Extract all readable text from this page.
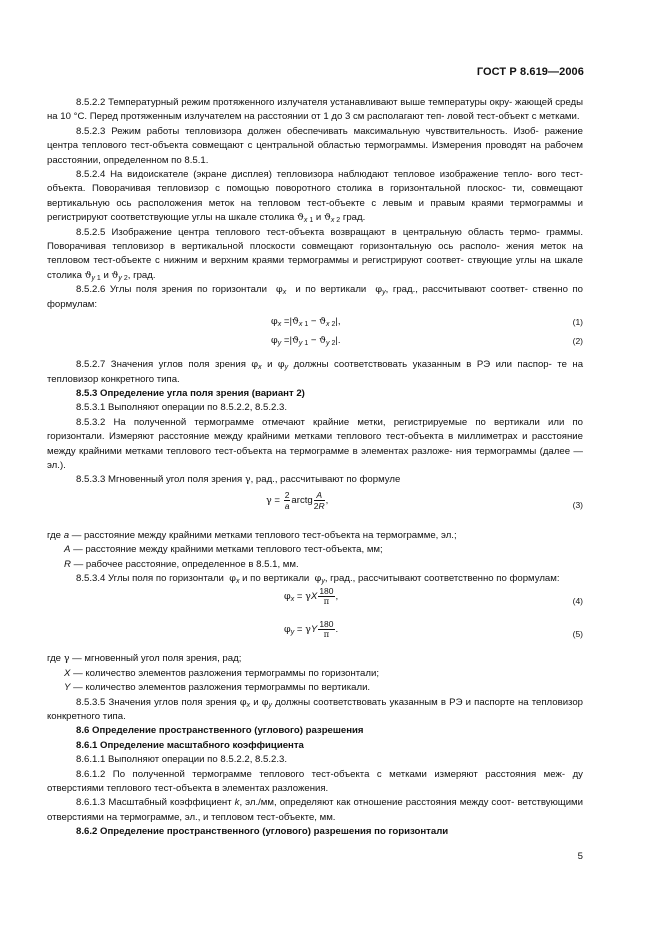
ГОСТ Р 8.619—2006

8.5.2.2 Температурный режим протяженного излучателя устанавливают выше температуры окру- жающей среды на 10 °С. Перед протяженным излучателем на расстоянии от 1 до 3 см располагают теп- ловой тест-объект с метками.

8.5.2.3 Режим работы тепловизора должен обеспечивать максимальную чувствительность. Изоб- ражение центра теплового тест-объекта совмещают с центральной областью термограммы. Измерения проводят на рабочем расстоянии, определенном по 8.5.1.

8.5.2.4 На видоискателе (экране дисплея) тепловизора наблюдают тепловое изображение тепло- вого тест-объекта. Поворачивая тепловизор с помощью поворотного столика в горизонтальной плоскос- ти, совмещают вертикальную ось расположения меток на тепловом тест-объекте с левым и правым краями термограммы и регистрируют соответствующие углы на шкале столика $ϑ_{x 1}$ и $ϑ_{x 2}$ град.

8.5.2.5 Изображение центра теплового тест-объекта возвращают в центральную область термо- граммы. Поворачивая тепловизор в вертикальной плоскости совмещают горизонтальную ось располо- жения меток на тепловом тест-объекте с нижним и верхним краями термограммы и регистрируют соответ- ствующие углы на шкале столика $ϑ_{y 1}$ и $ϑ_{y 2}$, град.

8.5.2.6 Углы поля зрения по горизонтали $\varphi_x$ и по вертикали $\varphi_y$, град., рассчитывают соответ- ственно по формулам:

$\varphi_x =|ϑ_{x 1} - ϑ_{x 2}|$,	(1)
$\varphi_y =|ϑ_{y 1} - ϑ_{y 2}|$.	(2)

8.5.2.7 Значения углов поля зрения $\varphi_x$ и $\varphi_y$ должны соответствовать указанным в РЭ или паспор- те на тепловизор конкретного типа.

8.5.3 Определение угла поля зрения (вариант 2)

8.5.3.1 Выполняют операции по 8.5.2.2, 8.5.2.3.

8.5.3.2 На полученной термограмме отмечают крайние метки, регистрируемые по вертикали или по горизонтали. Измеряют расстояние между крайними метками теплового тест-объекта в миллиметрах и расстояние между крайними метками теплового тест-объекта на термограмме в элементах разложе- ния термограммы (далее — эл.).

8.5.3.3 Мгновенный угол поля зрения γ, рад., рассчитывают по формуле

$\gamma = \frac{2}{a}$ arctg $\frac{A}{2R}$ ,	(3)

где a — расстояние между крайними метками теплового тест-объекта на термограмме, эл.;

A — расстояние между крайними метками теплового тест-объекта, мм;

R — рабочее расстояние, определенное в 8.5.1, мм.

8.5.3.4 Углы поля по горизонтали $\varphi_x$ и по вертикали $\varphi_y$, град., рассчитывают соответственно по формулам:

$\varphi_x = \gamma X \frac{180}{\pi}$ ,	(4)
$\varphi_y = \gamma Y \frac{180}{\pi}$ .	(5)

где γ — мгновенный угол поля зрения, рад;

X — количество элементов разложения термограммы по горизонтали;

Y — количество элементов разложения термограммы по вертикали.

8.5.3.5 Значения углов поля зрения $\varphi_x$ и $\varphi_y$ должны соответствовать указанным в РЭ и паспорте на тепловизор конкретного типа.

8.6 Определение пространственного (углового) разрешения

8.6.1 Определение масштабного коэффициента

8.6.1.1 Выполняют операции по 8.5.2.2, 8.5.2.3.

8.6.1.2 По полученной термограмме теплового тест-объекта с метками измеряют расстояния меж- ду отверстиями теплового тест-объекта в элементах разложения.

8.6.1.3 Масштабный коэффициент k, эл./мм, определяют как отношение расстояния между соот- ветствующими отверстиями на термограмме, эл., и тепловом тест-объекте, мм.

8.6.2 Определение пространственного (углового) разрешения по горизонтали

5
